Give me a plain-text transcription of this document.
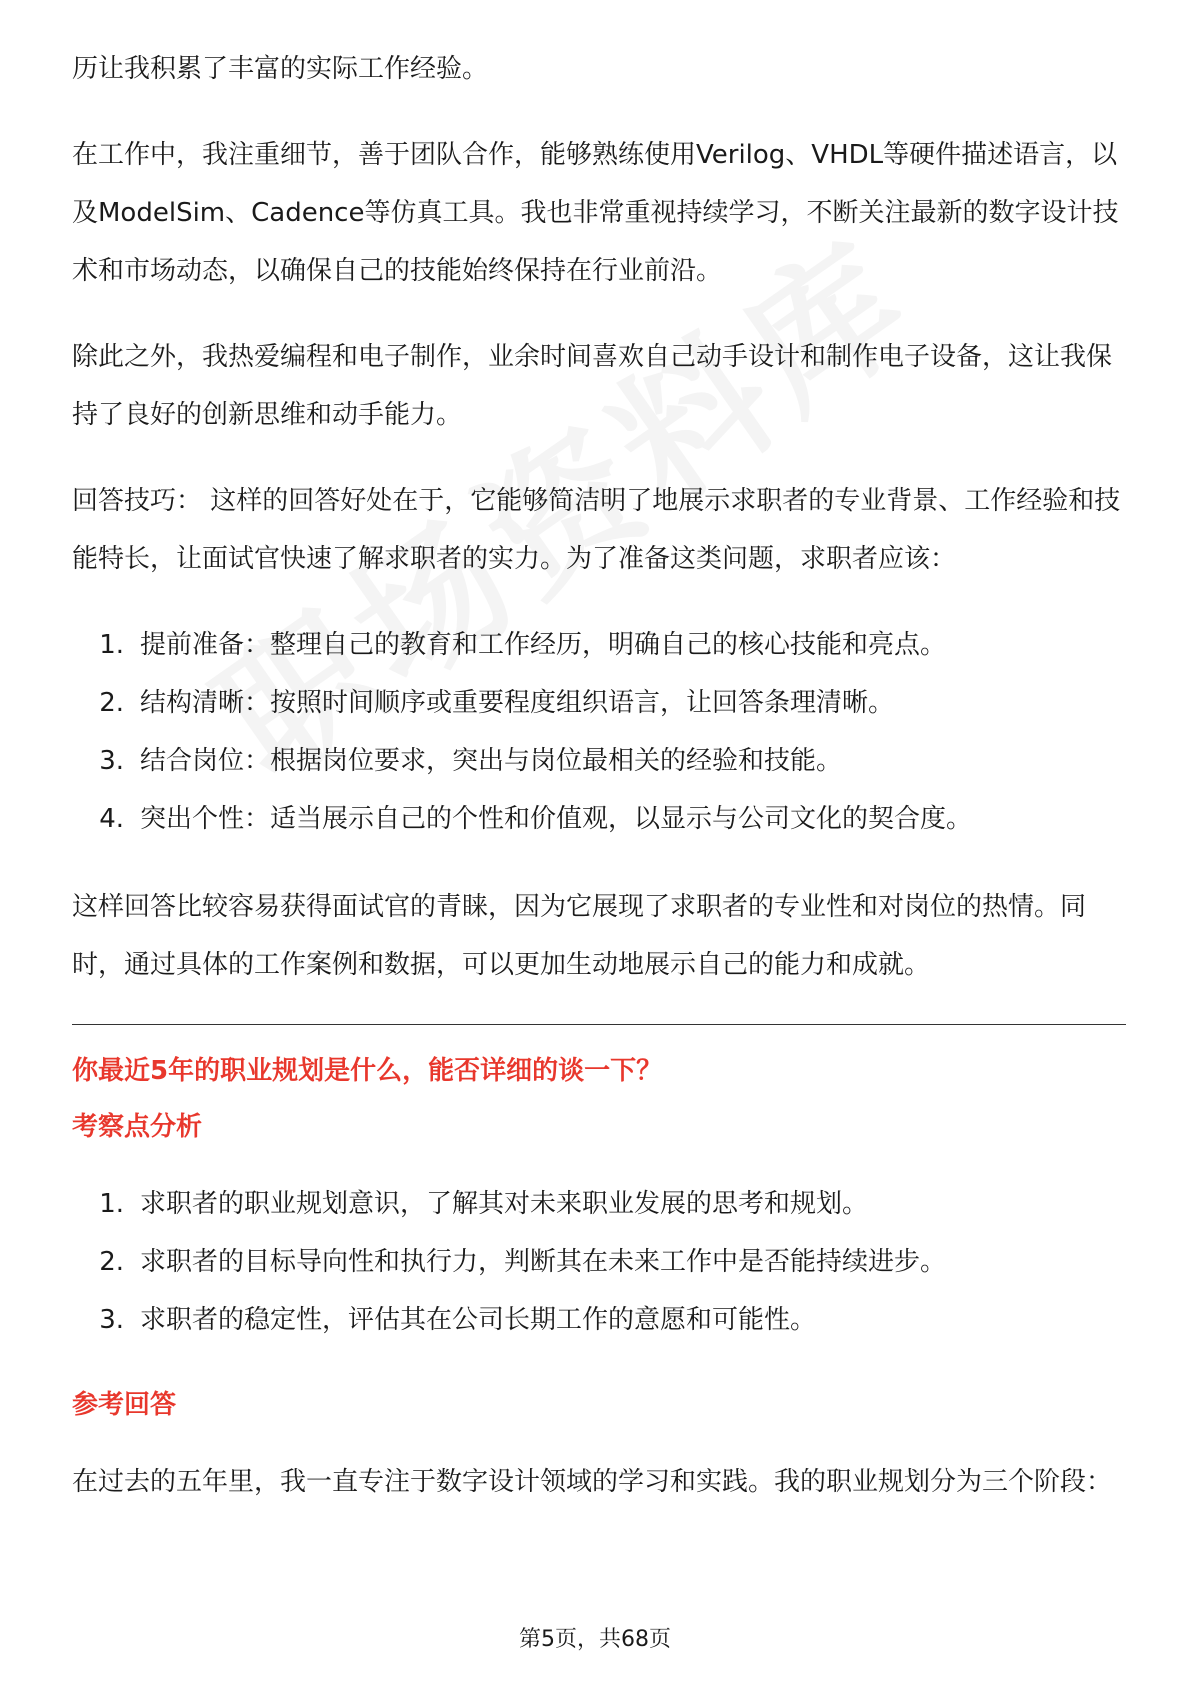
历让我积累了丰富的实际工作经验。

在工作中，我注重细节，善于团队合作，能够熟练使用Verilog、VHDL等硬件描述语言，以及ModelSim、Cadence等仿真工具。我也非常重视持续学习，不断关注最新的数字设计技术和市场动态，以确保自己的技能始终保持在行业前沿。

除此之外，我热爱编程和电子制作，业余时间喜欢自己动手设计和制作电子设备，这让我保持了良好的创新思维和动手能力。

回答技巧： 这样的回答好处在于，它能够简洁明了地展示求职者的专业背景、工作经验和技能特长，让面试官快速了解求职者的实力。为了准备这类问题，求职者应该：

1. 提前准备：整理自己的教育和工作经历，明确自己的核心技能和亮点。
2. 结构清晰：按照时间顺序或重要程度组织语言，让回答条理清晰。
3. 结合岗位：根据岗位要求，突出与岗位最相关的经验和技能。
4. 突出个性：适当展示自己的个性和价值观，以显示与公司文化的契合度。

这样回答比较容易获得面试官的青睐，因为它展现了求职者的专业性和对岗位的热情。同时，通过具体的工作案例和数据，可以更加生动地展示自己的能力和成就。

你最近5年的职业规划是什么，能否详细的谈一下？

考察点分析

1. 求职者的职业规划意识，了解其对未来职业发展的思考和规划。
2. 求职者的目标导向性和执行力，判断其在未来工作中是否能持续进步。
3. 求职者的稳定性，评估其在公司长期工作的意愿和可能性。

参考回答

在过去的五年里，我一直专注于数字设计领域的学习和实践。我的职业规划分为三个阶段：

第5页，共68页
